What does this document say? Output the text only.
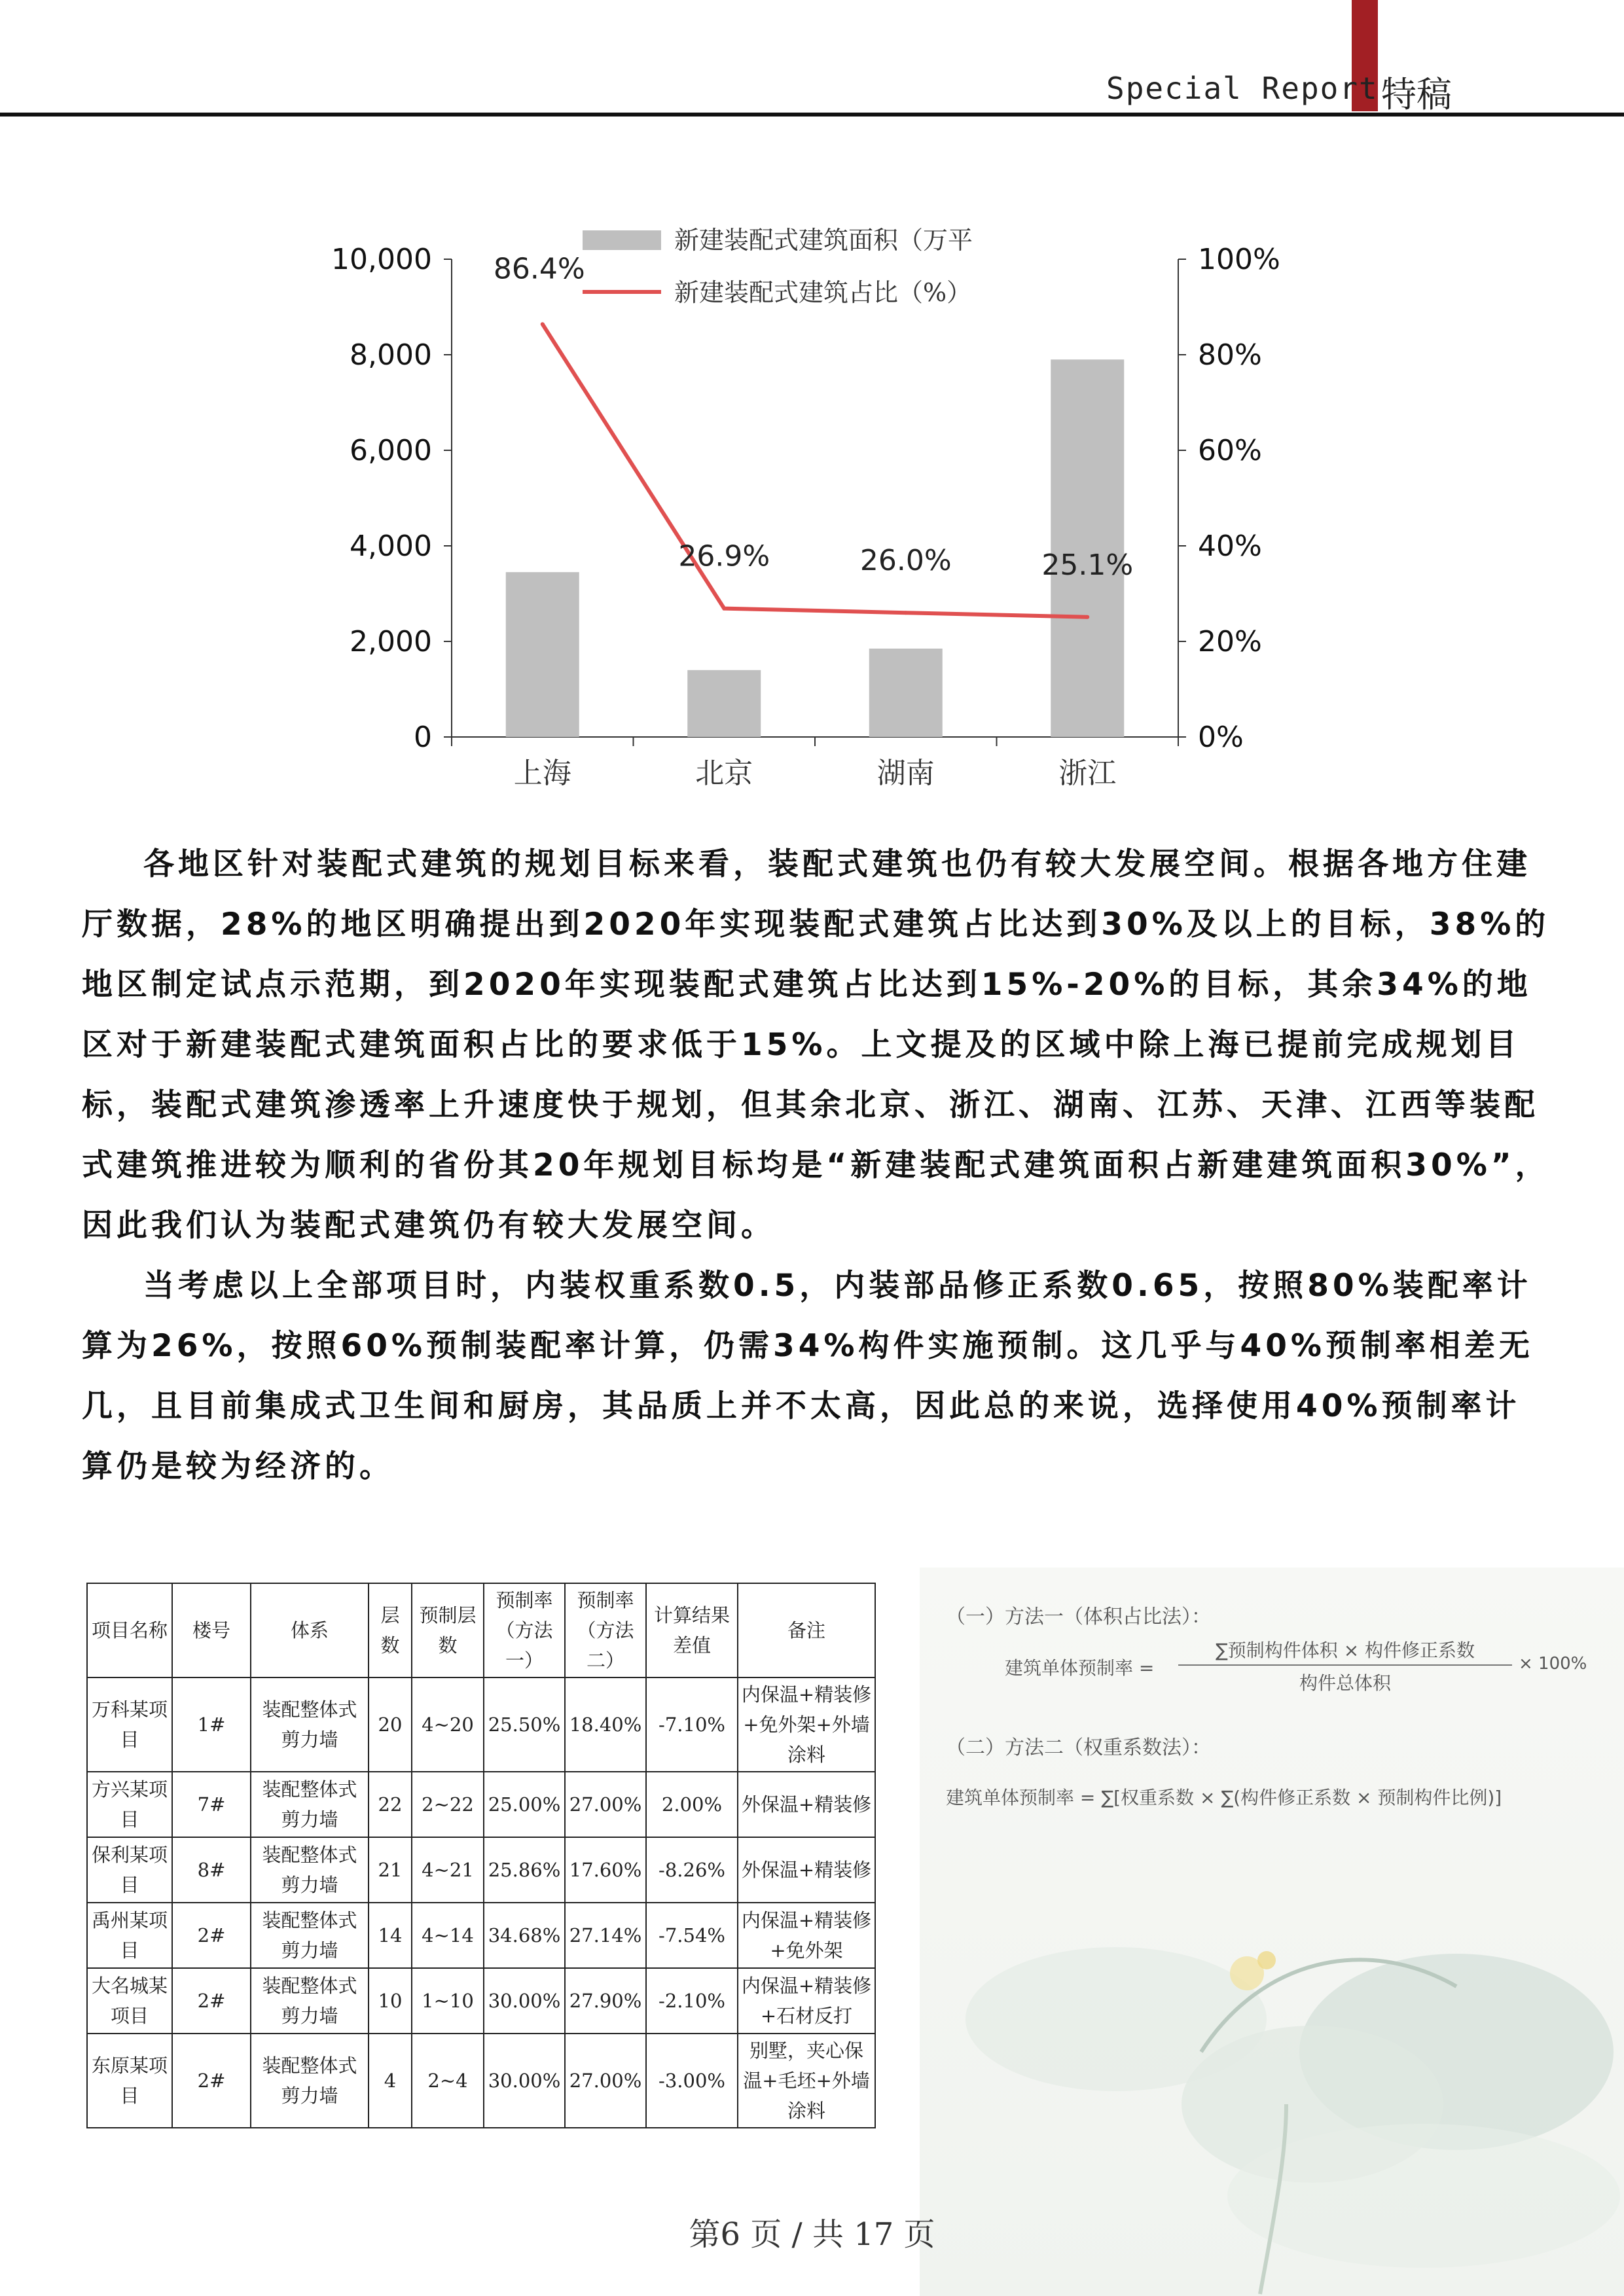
Special Report 特稿
0
2,000
4,000
6,000
8,000
10,000
0%
20%
40%
60%
80%
100%
上海	北京	湖南	浙江
86.4%
26.9%	26.0%	25.1%
新建装配式建筑面积（万平
新建装配式建筑占比（%）

各地区针对装配式建筑的规划目标来看，装配式建筑也仍有较大发展空间。根据各地方住建厅数据，28%的地区明确提出到2020年实现装配式建筑占比达到30%及以上的目标，38%的地区制定试点示范期，到2020年实现装配式建筑占比达到15%-20%的目标，其余34%的地区对于新建装配式建筑面积占比的要求低于15%。上文提及的区域中除上海已提前完成规划目标，装配式建筑渗透率上升速度快于规划，但其余北京、浙江、湖南、江苏、天津、江西等装配式建筑推进较为顺利的省份其20年规划目标均是“新建装配式建筑面积占新建建筑面积30%”，因此我们认为装配式建筑仍有较大发展空间。

当考虑以上全部项目时，内装权重系数0.5，内装部品修正系数0.65，按照80%装配率计算为26%，按照60%预制装配率计算，仍需34%构件实施预制。这几乎与40%预制率相差无几，且目前集成式卫生间和厨房，其品质上并不太高，因此总的来说，选择使用40%预制率计算仍是较为经济的。

项目名称	楼号	体系	层数	预制层数	预制率（方法一）	预制率（方法二）	计算结果差值	备注
万科某项目	1#	装配整体式剪力墙	20	4~20	25.50%	18.40%	-7.10%	内保温+精装修+免外架+外墙涂料
方兴某项目	7#	装配整体式剪力墙	22	2~22	25.00%	27.00%	2.00%	外保温+精装修
保利某项目	8#	装配整体式剪力墙	21	4~21	25.86%	17.60%	-8.26%	外保温+精装修
禹州某项目	2#	装配整体式剪力墙	14	4~14	34.68%	27.14%	-7.54%	内保温+精装修+免外架
大名城某项目	2#	装配整体式剪力墙	10	1~10	30.00%	27.90%	-2.10%	内保温+精装修+石材反打
东原某项目	2#	装配整体式剪力墙	4	2~4	30.00%	27.00%	-3.00%	别墅，夹心保温+毛坯+外墙涂料
（一）方法一（体积占比法）：
建筑单体预制率 =
∑预制构件体积 × 构件修正系数
构件总体积
× 100%
（二）方法二（权重系数法）：
建筑单体预制率 = ∑[权重系数 × ∑(构件修正系数 × 预制构件比例)]
第6 页 / 共 17 页
